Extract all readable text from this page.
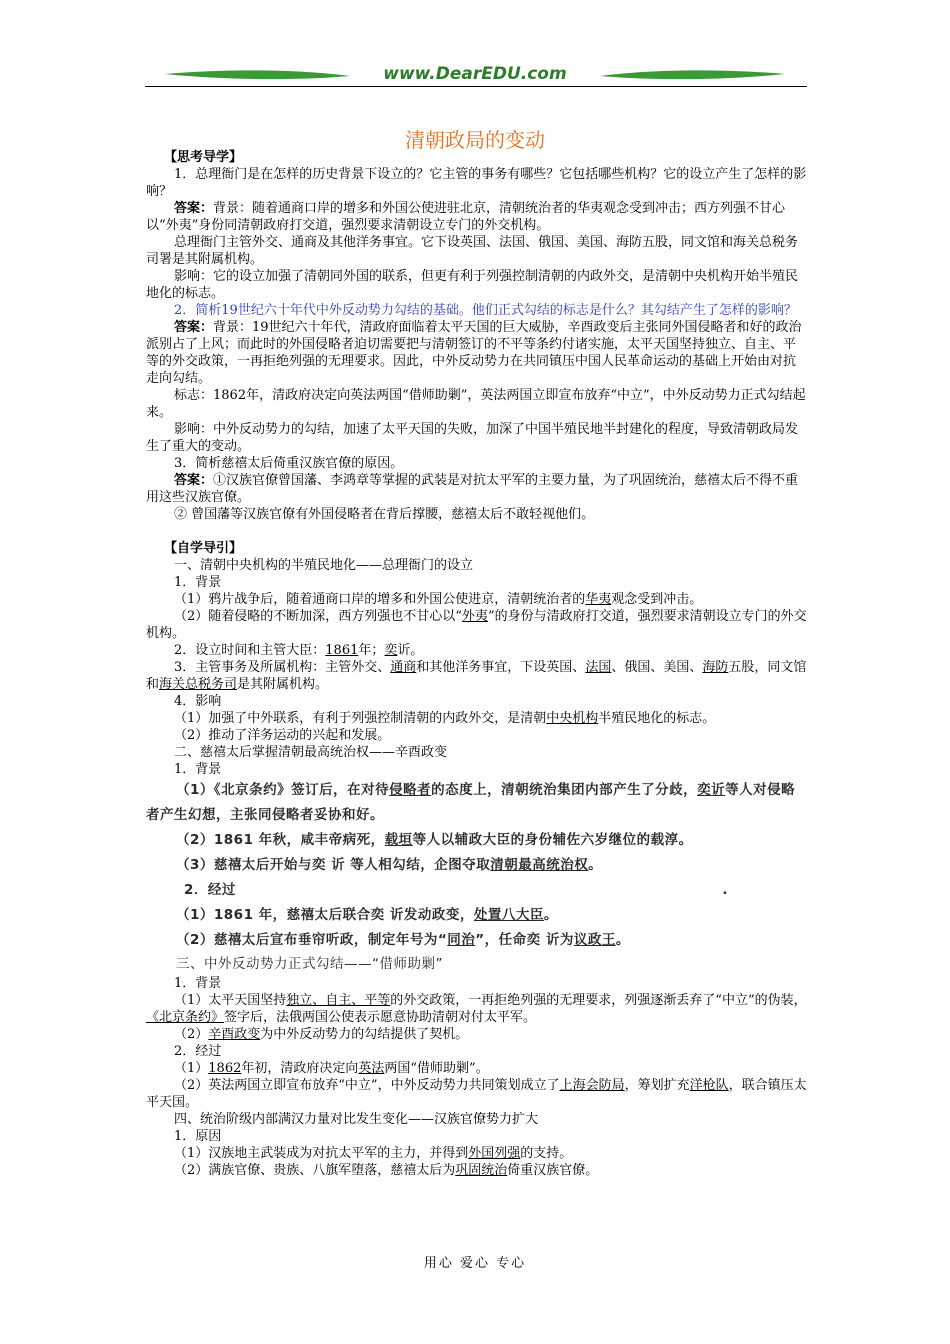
www.DearEDU.com
清朝政局的变动

【思考导学】

1．总理衙门是在怎样的历史背景下设立的？它主管的事务有哪些？它包括哪些机构？它的设立产生了怎样的影响？

答案：背景：随着通商口岸的增多和外国公使进驻北京，清朝统治者的华夷观念受到冲击；西方列强不甘心以“外夷”身份同清朝政府打交道，强烈要求清朝设立专门的外交机构。

总理衙门主管外交、通商及其他洋务事宜。它下设英国、法国、俄国、美国、海防五股，同文馆和海关总税务司署是其附属机构。

影响：它的设立加强了清朝同外国的联系，但更有利于列强控制清朝的内政外交，是清朝中央机构开始半殖民地化的标志。

2．简析19世纪六十年代中外反动势力勾结的基础。他们正式勾结的标志是什么？其勾结产生了怎样的影响？

答案：背景：19世纪六十年代，清政府面临着太平天国的巨大威胁，辛酉政变后主张同外国侵略者和好的政治派别占了上风；而此时的外国侵略者迫切需要把与清朝签订的不平等条约付诸实施，太平天国坚持独立、自主、平等的外交政策，一再拒绝列强的无理要求。因此，中外反动势力在共同镇压中国人民革命运动的基础上开始由对抗走向勾结。

标志：1862年，清政府决定向英法两国“借师助剿”，英法两国立即宣布放弃“中立”，中外反动势力正式勾结起来。

影响：中外反动势力的勾结，加速了太平天国的失败，加深了中国半殖民地半封建化的程度，导致清朝政局发生了重大的变动。

3．简析慈禧太后倚重汉族官僚的原因。

答案：①汉族官僚曾国藩、李鸿章等掌握的武装是对抗太平军的主要力量，为了巩固统治，慈禧太后不得不重用这些汉族官僚。

② 曾国藩等汉族官僚有外国侵略者在背后撑腰，慈禧太后不敢轻视他们。

【自学导引】

一、清朝中央机构的半殖民地化——总理衙门的设立

1．背景

（1）鸦片战争后，随着通商口岸的增多和外国公使进京，清朝统治者的华夷观念受到冲击。

（2）随着侵略的不断加深，西方列强也不甘心以“外夷”的身份与清政府打交道，强烈要求清朝设立专门的外交机构。

2．设立时间和主管大臣：1861年；奕䜣。

3．主管事务及所属机构：主管外交、通商和其他洋务事宜，下设英国、法国、俄国、美国、海防五股，同文馆和海关总税务司是其附属机构。

4．影响

（1）加强了中外联系，有利于列强控制清朝的内政外交，是清朝中央机构半殖民地化的标志。

（2）推动了洋务运动的兴起和发展。

二、慈禧太后掌握清朝最高统治权——辛酉政变

1．背景

（1）《北京条约》签订后，在对待侵略者的态度上，清朝统治集团内部产生了分歧，奕䜣等人对侵略者产生幻想，主张同侵略者妥协和好。

（2）1861 年秋，咸丰帝病死，载垣等人以辅政大臣的身份辅佐六岁继位的载淳。

（3）慈禧太后开始与奕 䜣 等人相勾结，企图夺取清朝最高统治权。

2．经过	.

（1）1861 年，慈禧太后联合奕 䜣发动政变，处置八大臣。

（2）慈禧太后宣布垂帘听政，制定年号为“同治”，任命奕 䜣为议政王。

三、中外反动势力正式勾结——“借师助剿”

1．背景

（1）太平天国坚持独立、自主、平等的外交政策，一再拒绝列强的无理要求，列强逐渐丢弃了“中立”的伪装，《北京条约》签字后，法俄两国公使表示愿意协助清朝对付太平军。

（2）辛酉政变为中外反动势力的勾结提供了契机。

2．经过

（1）1862年初，清政府决定向英法两国“借师助剿”。

（2）英法两国立即宣布放弃“中立”，中外反动势力共同策划成立了上海会防局，筹划扩充洋枪队，联合镇压太平天国。

四、统治阶级内部满汉力量对比发生变化——汉族官僚势力扩大

1．原因

（1）汉族地主武装成为对抗太平军的主力，并得到外国列强的支持。

（2）满族官僚、贵族、八旗军堕落，慈禧太后为巩固统治倚重汉族官僚。

用心 爱心 专心
